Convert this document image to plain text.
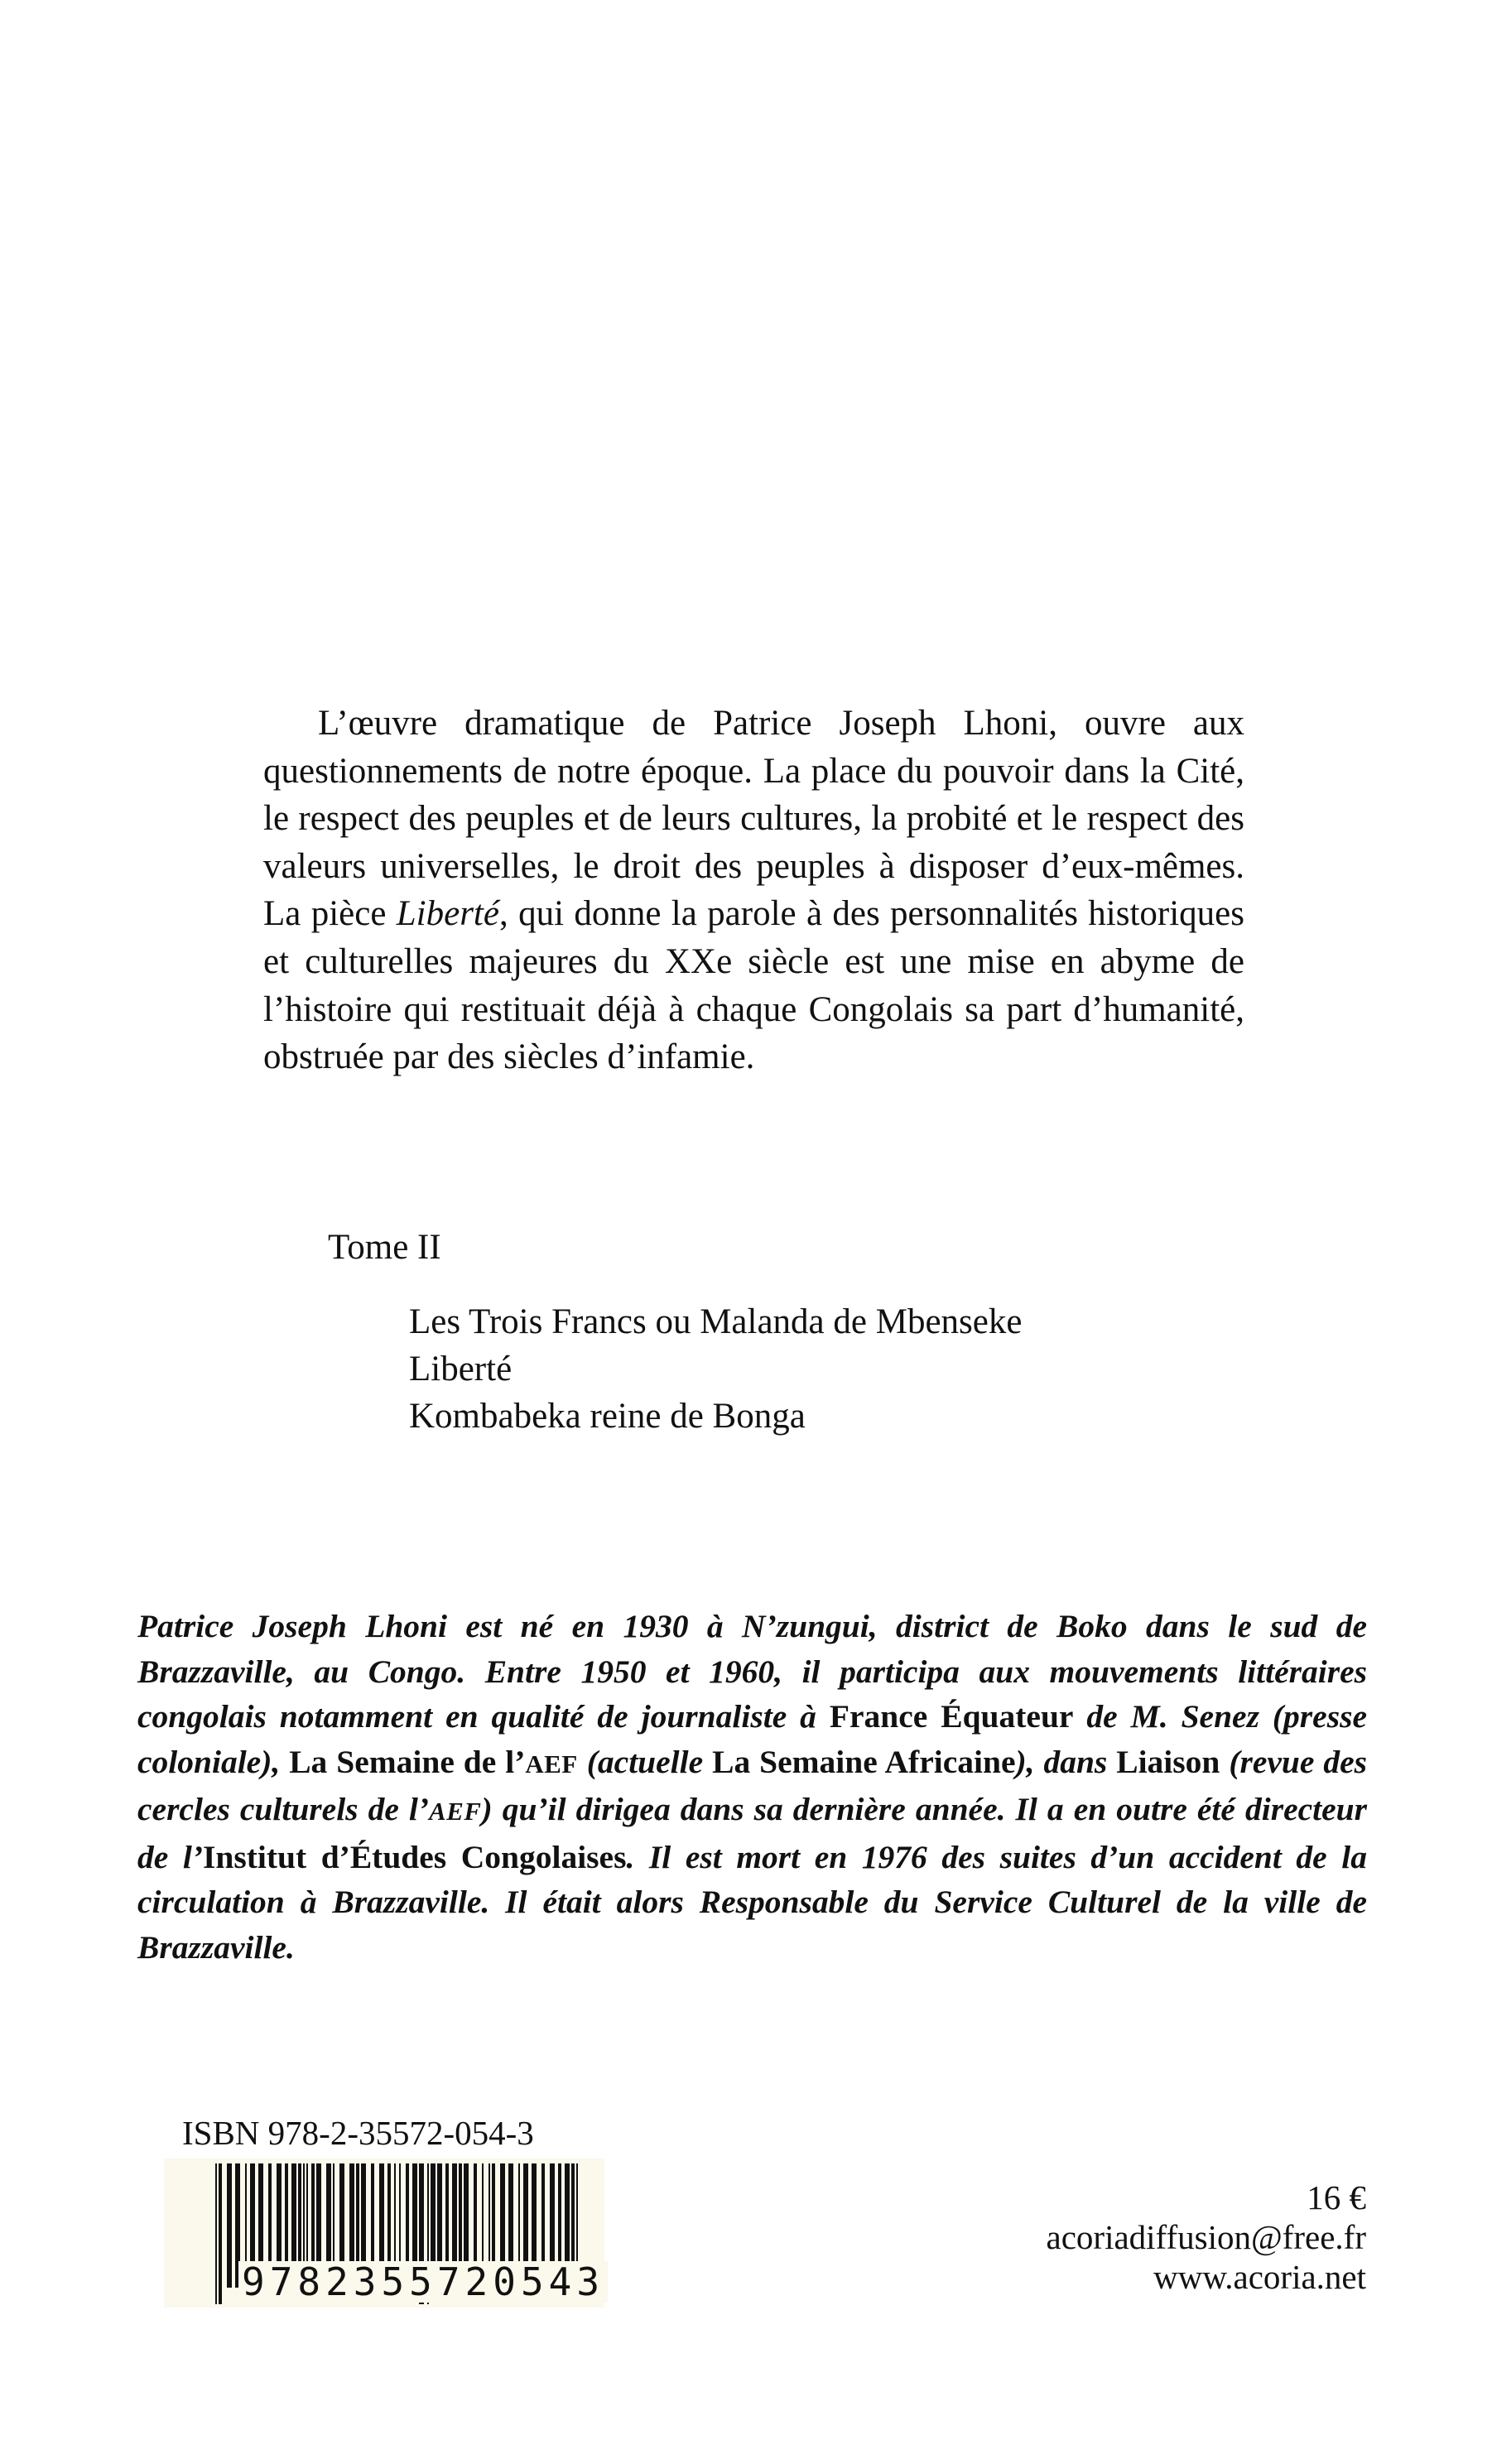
L’œuvre dramatique de Patrice Joseph Lhoni, ouvre aux questionnements de notre époque. La place du pouvoir dans la Cité, le respect des peuples et de leurs cultures, la probité et le respect des valeurs universelles, le droit des peuples à disposer d’eux-mêmes. La pièce Liberté, qui donne la parole à des personnalités historiques et culturelles majeures du XXe siècle est une mise en abyme de l’histoire qui restituait déjà à chaque Congolais sa part d’humanité, obstruée par des siècles d’infamie.

Tome II

Les Trois Francs ou Malanda de Mbenseke
Liberté
Kombabeka reine de Bonga

Patrice Joseph Lhoni est né en 1930 à N’zungui, district de Boko dans le sud de Brazzaville, au Congo. Entre 1950 et 1960, il participa aux mouvements littéraires congolais notamment en qualité de journaliste à France Équateur de M. Senez (presse coloniale), La Semaine de l’AEF (actuelle La Semaine Africaine), dans Liaison (revue des cercles culturels de l’AEF) qu’il dirigea dans sa dernière année. Il a en outre été directeur de l’Institut d’Études Congolaises. Il est mort en 1976 des suites d’un accident de la circulation à Brazzaville. Il était alors Responsable du Service Culturel de la ville de Brazzaville.

ISBN 978-2-35572-054-3

9782355720543
16 €
acoriadiffusion@free.fr
www.acoria.net
